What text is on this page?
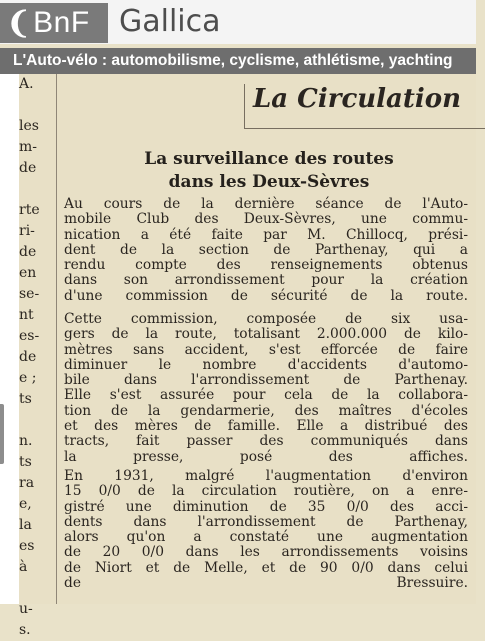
❨ BnF Gallica
L'Auto-vélo : automobilisme, cyclisme, athlétisme, yachting
A.
les
m-
de
rte
ri-
de
en
se-
nt
es-
de
e ;
ts
n.
ts
ra
e,
la
es
à
u-
s.
La Circulation
La surveillance des routes
dans les Deux-Sèvres
Au cours de la dernière séance de l'Auto-
mobile Club des Deux-Sèvres, une commu-
nication a été faite par M. Chillocq, prési-
dent de la section de Parthenay, qui a
rendu compte des renseignements obtenus
dans son arrondissement pour la création
d'une commission de sécurité de la route.
Cette commission, composée de six usa-
gers de la route, totalisant 2.000.000 de kilo-
mètres sans accident, s'est efforcée de faire
diminuer le nombre d'accidents d'automo-
bile dans l'arrondissement de Parthenay.
Elle s'est assurée pour cela de la collabora-
tion de la gendarmerie, des maîtres d'écoles
et des mères de famille. Elle a distribué des
tracts, fait passer des communiqués dans
la presse, posé des affiches.
En 1931, malgré l'augmentation d'environ
15 0/0 de la circulation routière, on a enre-
gistré une diminution de 35 0/0 des acci-
dents dans l'arrondissement de Parthenay,
alors qu'on a constaté une augmentation
de 20 0/0 dans les arrondissements voisins
de Niort et de Melle, et de 90 0/0 dans celui
de Bressuire.
